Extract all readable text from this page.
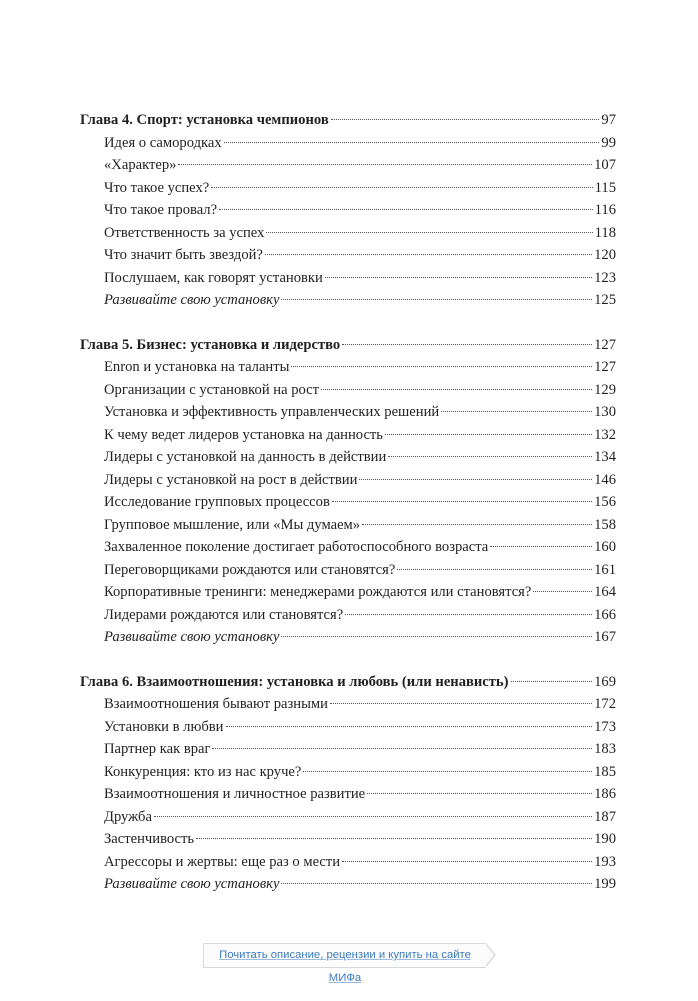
Глава 4. Спорт: установка чемпионов	97
Идея о самородках	99
«Характер»	107
Что такое успех?	115
Что такое провал?	116
Ответственность за успех	118
Что значит быть звездой?	120
Послушаем, как говорят установки	123
Развивайте свою установку	125
Глава 5. Бизнес: установка и лидерство	127
Enron и установка на таланты	127
Организации с установкой на рост	129
Установка и эффективность управленческих решений	130
К чему ведет лидеров установка на данность	132
Лидеры с установкой на данность в действии	134
Лидеры с установкой на рост в действии	146
Исследование групповых процессов	156
Групповое мышление, или «Мы думаем»	158
Захваленное поколение достигает работоспособного возраста	160
Переговорщиками рождаются или становятся?	161
Корпоративные тренинги: менеджерами рождаются или становятся?	164
Лидерами рождаются или становятся?	166
Развивайте свою установку	167
Глава 6. Взаимоотношения: установка и любовь (или ненависть)	169
Взаимоотношения бывают разными	172
Установки в любви	173
Партнер как враг	183
Конкуренция: кто из нас круче?	185
Взаимоотношения и личностное развитие	186
Дружба	187
Застенчивость	190
Агрессоры и жертвы: еще раз о мести	193
Развивайте свою установку	199
Почитать описание, рецензии и купить на сайте МИФа
